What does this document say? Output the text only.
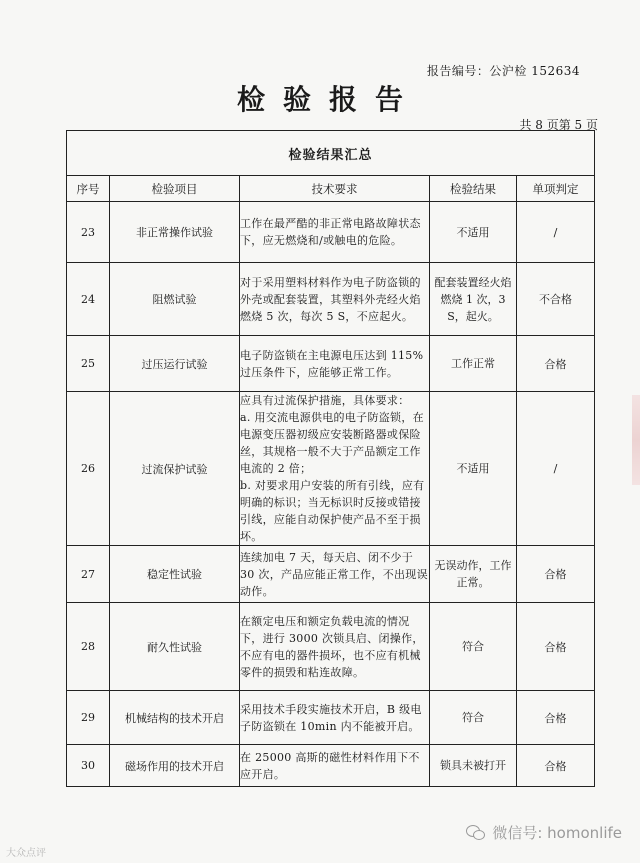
报告编号：公沪检 152634
检验报告
共 8 页第 5 页
检验结果汇总				
序号	检验项目	技术要求	检验结果	单项判定
23	非正常操作试验	工作在最严酷的非正常电路故障状态下，应无燃烧和/或触电的危险。	不适用	/
24	阻燃试验	对于采用塑料材料作为电子防盗锁的外壳或配套装置，其塑料外壳经火焰燃烧 5 次，每次 5 S，不应起火。	配套装置经火焰燃烧 1 次，3 S，起火。	不合格
25	过压运行试验	电子防盗锁在主电源电压达到 115%过压条件下，应能够正常工作。	工作正常	合格
26	过流保护试验	应具有过流保护措施，具体要求：
a. 用交流电源供电的电子防盗锁，在电源变压器初级应安装断路器或保险丝，其规格一般不大于产品额定工作电流的 2 倍；
b. 对要求用户安装的所有引线，应有明确的标识；当无标识时反接或错接引线，应能自动保护使产品不至于损坏。	不适用	/
27	稳定性试验	连续加电 7 天，每天启、闭不少于 30 次，产品应能正常工作，不出现误动作。	无误动作，工作正常。	合格
28	耐久性试验	在额定电压和额定负载电流的情况下，进行 3000 次锁具启、闭操作，不应有电的器件损坏，也不应有机械零件的损毁和粘连故障。	符合	合格
29	机械结构的技术开启	采用技术手段实施技术开启，B 级电子防盗锁在 10min 内不能被开启。	符合	合格
30	磁场作用的技术开启	在 25000 高斯的磁性材料作用下不应开启。	锁具未被打开	合格
微信号: homonlife
大众点评
